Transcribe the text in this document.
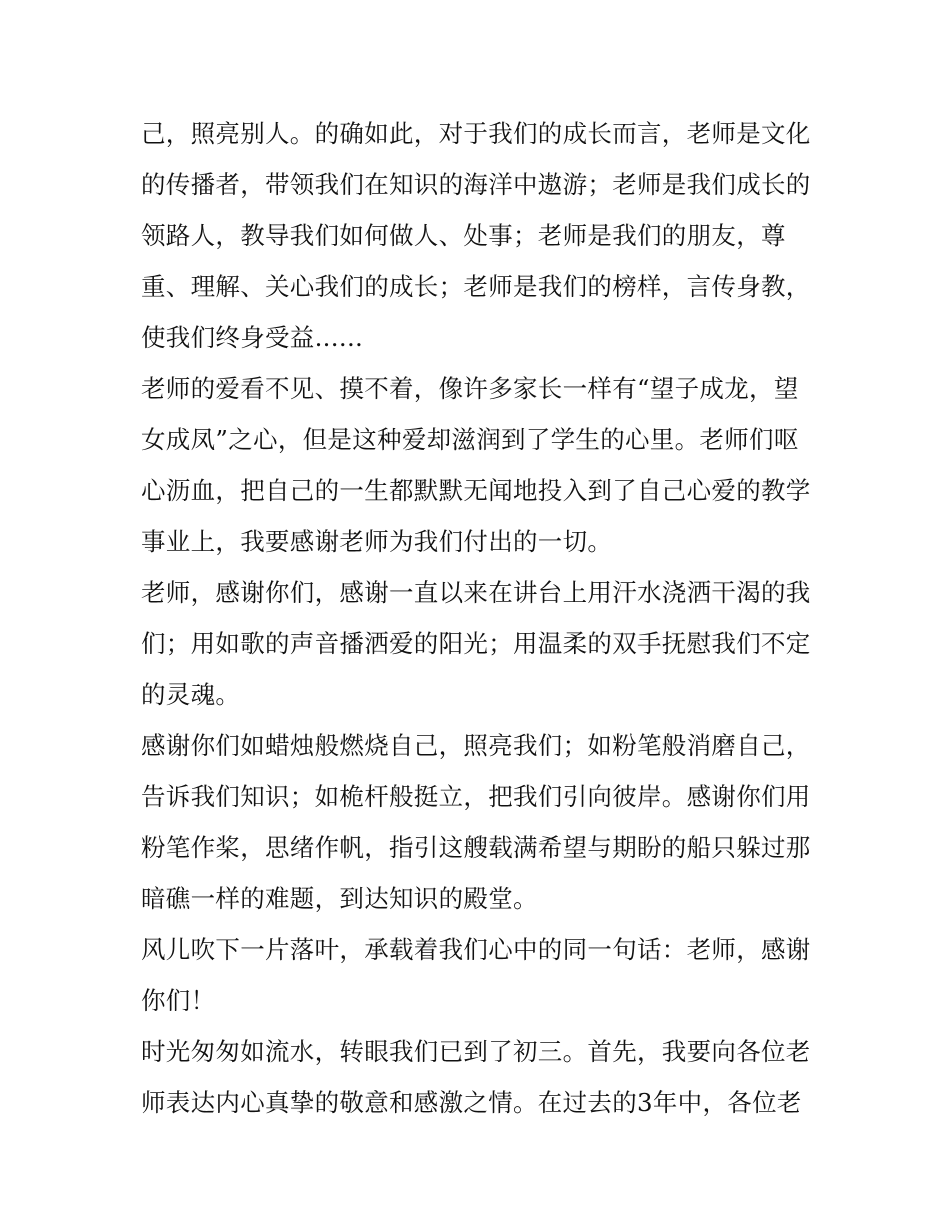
己，照亮别人。的确如此，对于我们的成长而言，老师是文化
的传播者，带领我们在知识的海洋中遨游；老师是我们成长的
领路人，教导我们如何做人、处事；老师是我们的朋友，尊
重、理解、关心我们的成长；老师是我们的榜样，言传身教，
使我们终身受益......
老师的爱看不见、摸不着，像许多家长一样有“望子成龙，望
女成凤”之心，但是这种爱却滋润到了学生的心里。老师们呕
心沥血，把自己的一生都默默无闻地投入到了自己心爱的教学
事业上，我要感谢老师为我们付出的一切。
老师，感谢你们，感谢一直以来在讲台上用汗水浇洒干渴的我
们；用如歌的声音播洒爱的阳光；用温柔的双手抚慰我们不定
的灵魂。
感谢你们如蜡烛般燃烧自己，照亮我们；如粉笔般消磨自己，
告诉我们知识；如桅杆般挺立，把我们引向彼岸。感谢你们用
粉笔作桨，思绪作帆，指引这艘载满希望与期盼的船只躲过那
暗礁一样的难题，到达知识的殿堂。
风儿吹下一片落叶，承载着我们心中的同一句话：老师，感谢
你们！
时光匆匆如流水，转眼我们已到了初三。首先，我要向各位老
师表达内心真挚的敬意和感激之情。在过去的3年中，各位老
